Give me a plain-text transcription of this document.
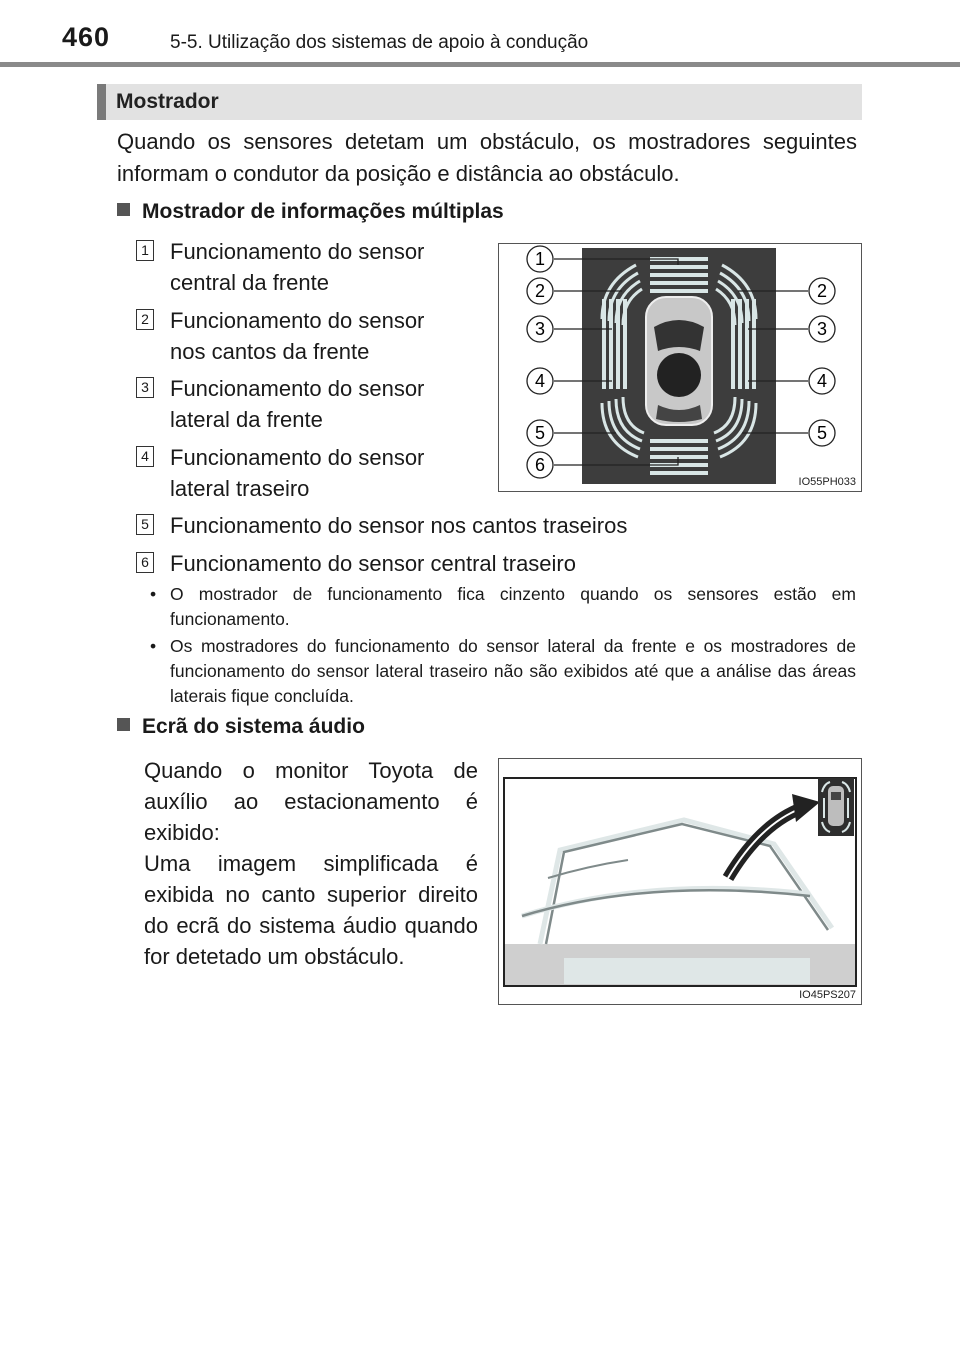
460	5-5. Utilização dos sistemas de apoio à condução
Mostrador
Quando os sensores detetam um obstáculo, os mostradores seguintes informam o condutor da posição e distância ao obstáculo.
Mostrador de informações múltiplas
1 Funcionamento do sensor
central da frente
2 Funcionamento do sensor
nos cantos da frente
3 Funcionamento do sensor
lateral da frente
4 Funcionamento do sensor
lateral traseiro
5 Funcionamento do sensor nos cantos traseiros
6 Funcionamento do sensor central traseiro
1
2	2
3	3
4	4
5	5
6
IO55PH033
• O mostrador de funcionamento fica cinzento quando os sensores estão em funcionamento.
• Os mostradores do funcionamento do sensor lateral da frente e os mostradores de funcionamento do sensor lateral traseiro não são exibidos até que a análise das áreas laterais fique concluída.
Ecrã do sistema áudio
Quando o monitor Toyota de auxílio ao estacionamento é exibido:
Uma imagem simplificada é exibida no canto superior direito do ecrã do sistema áudio quando for detetado um obstáculo.
IO45PS207
